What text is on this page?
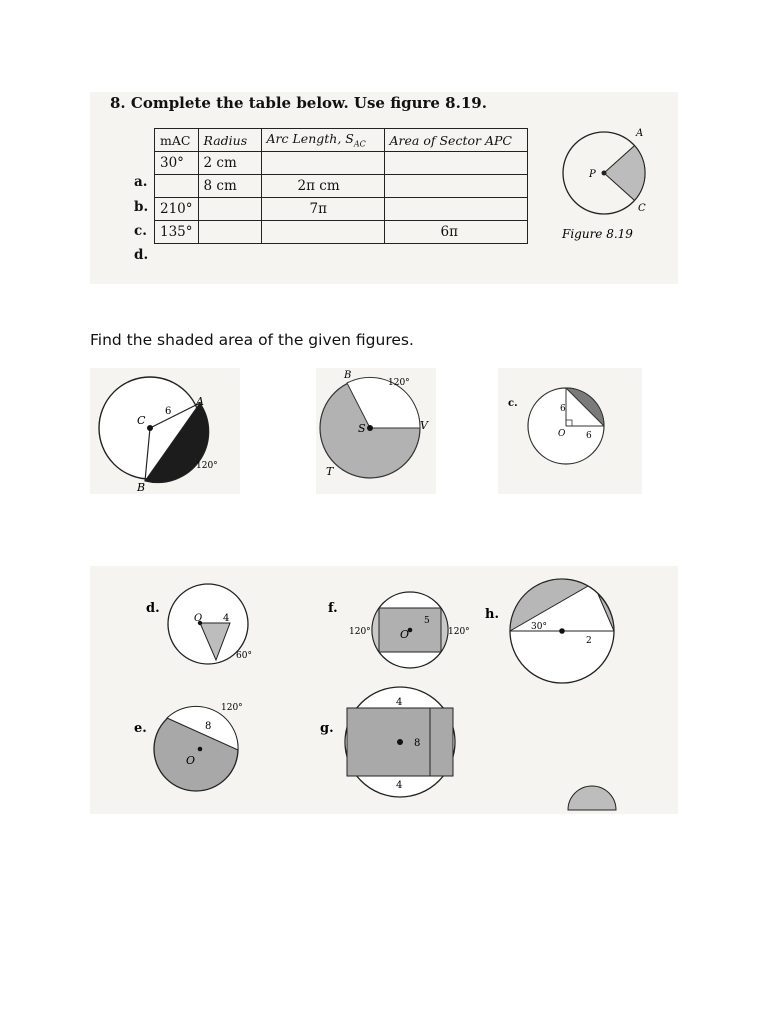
8. Complete the table below. Use figure 8.19.
mAC	Radius	Arc Length, $S_{AC}$	Area of Sector APC
30°	2 cm		
	8 cm	2π cm	
210°		7π	
135°			6π
a.
b.
c.
d.
P
A
C
Figure 8.19
Find the shaded area of the given figures.
C
6
A
B
120°
S
B
V
T
120°
c.	6
6
O
d.
O 4
60°
e.
O
8
120°
f.
O
5
120°	120°
g.
4
4
8
h.
30°
2
